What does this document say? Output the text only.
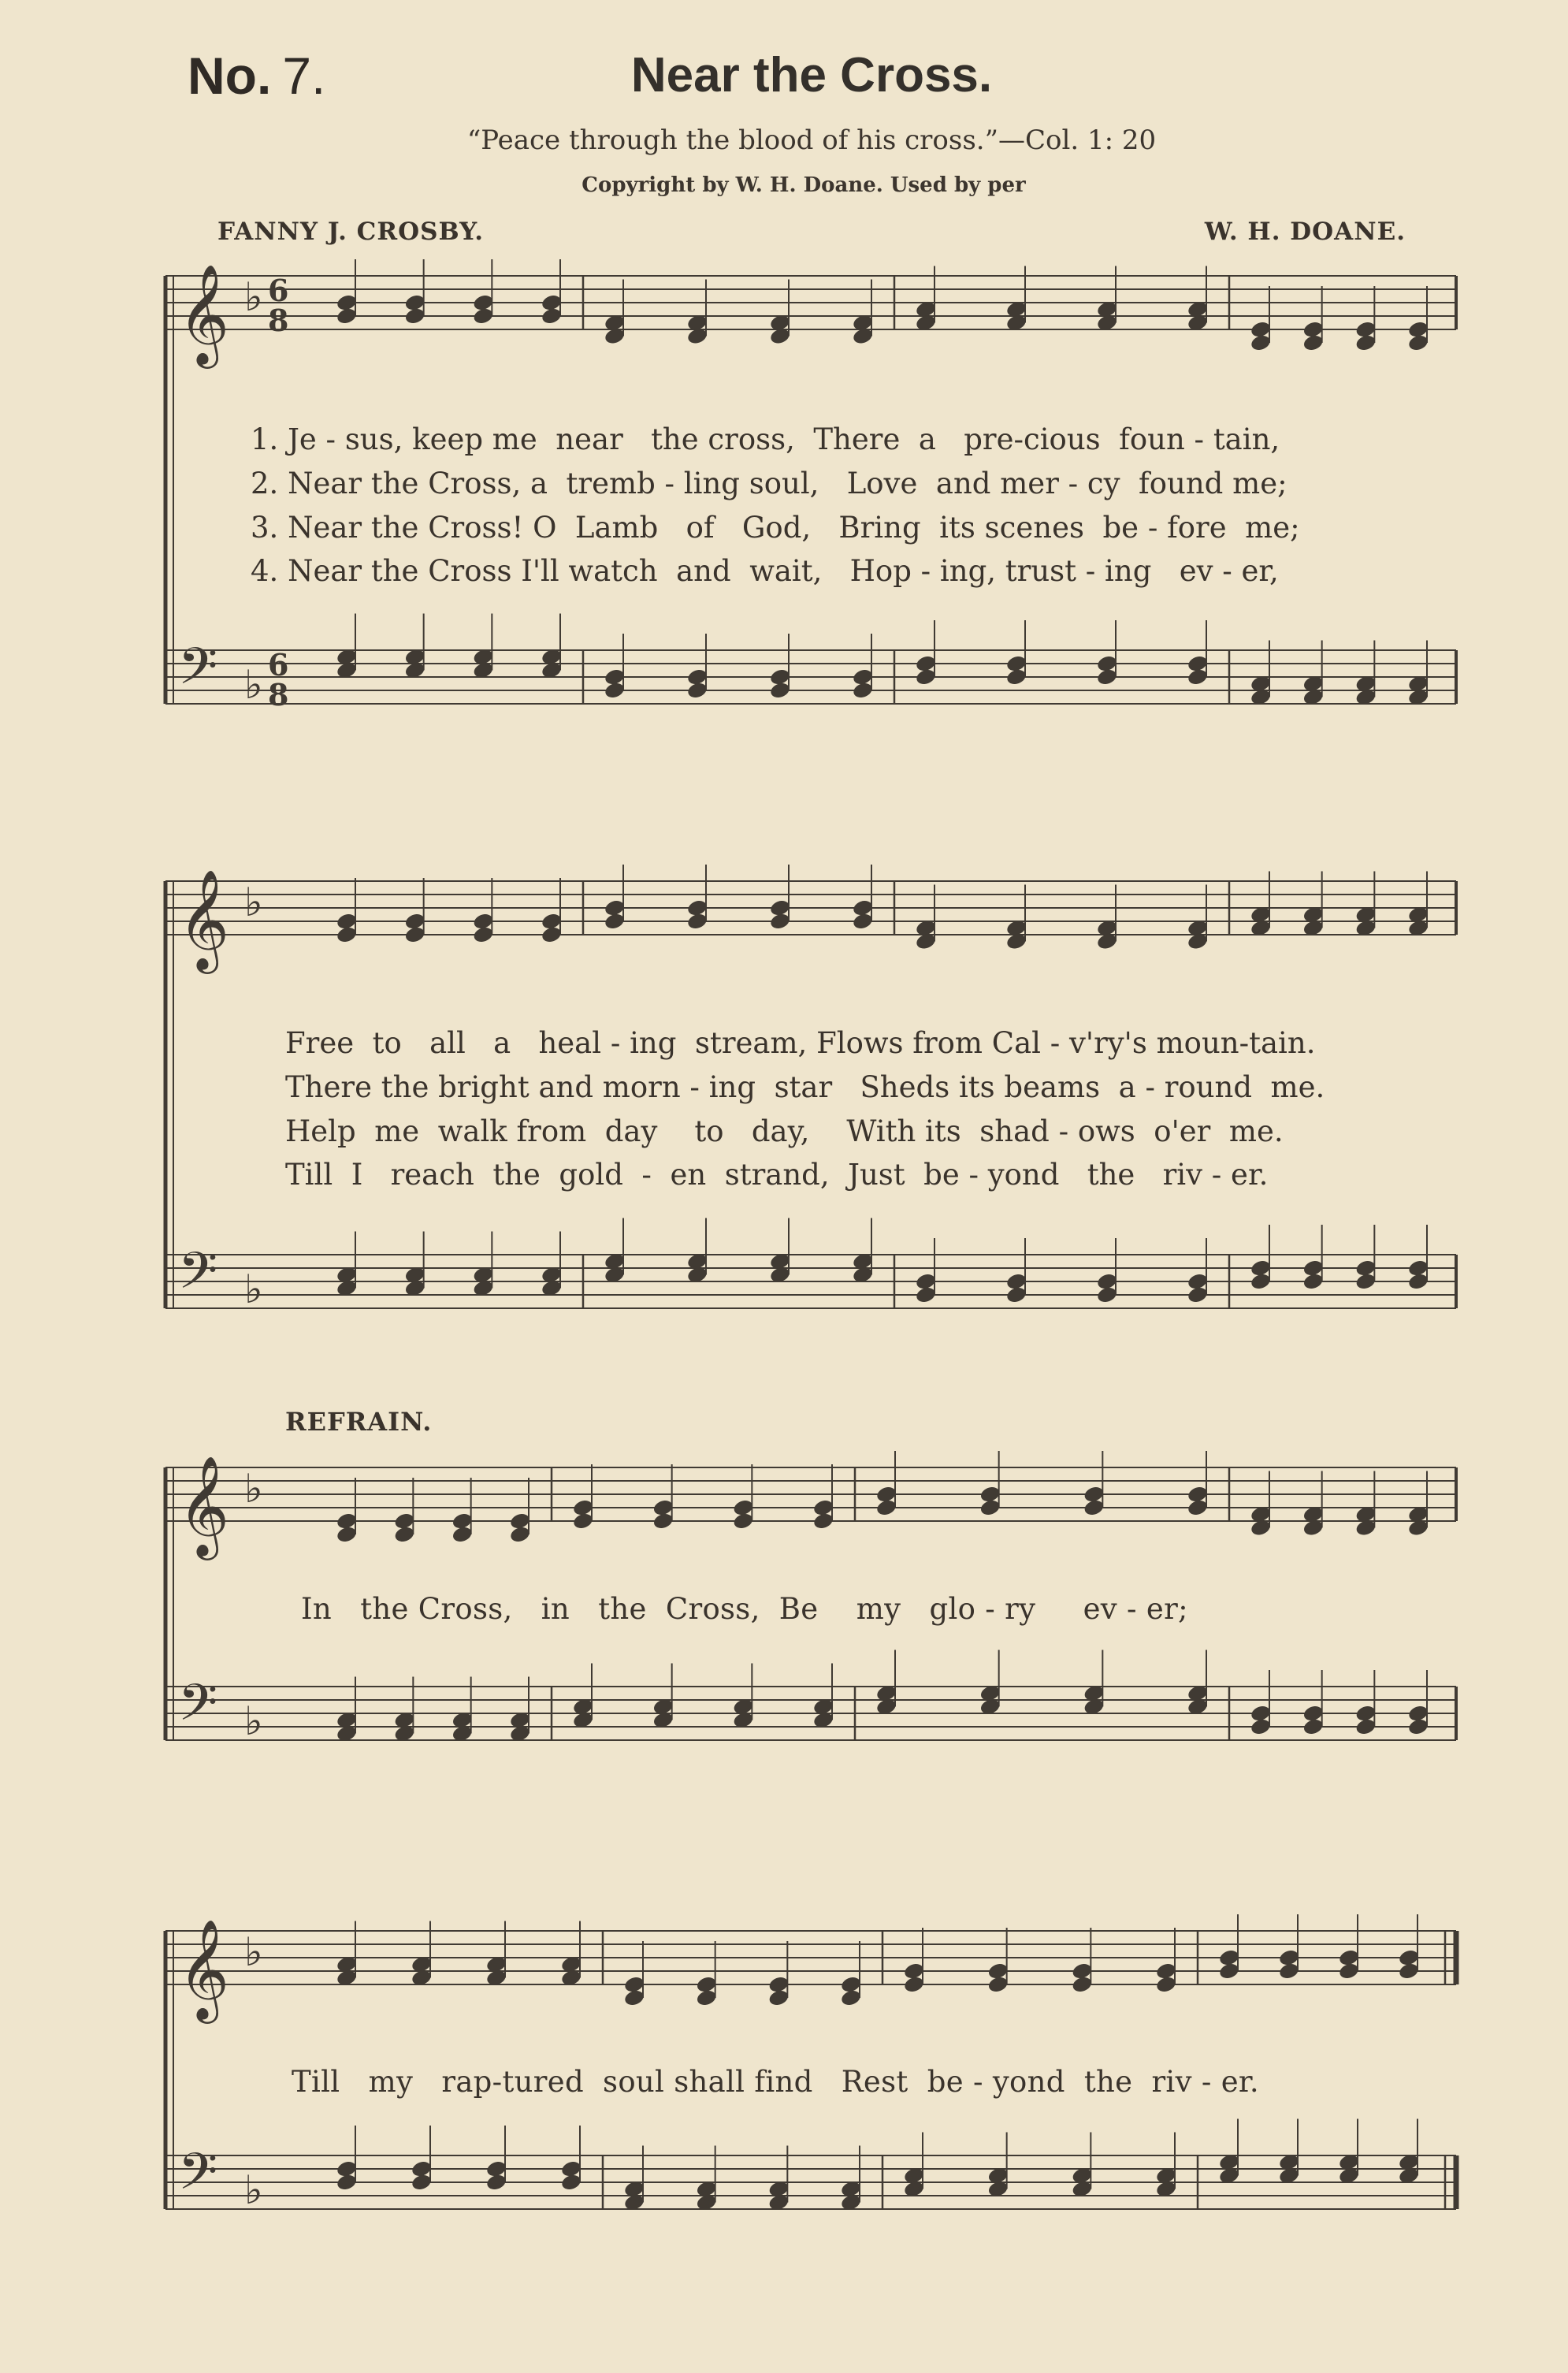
No. 7.	Near the Cross.
“Peace through the blood of his cross.”—Col. 1: 20
Copyright by W. H. Doane. Used by per
FANNY J. CROSBY.	W. H. DOANE.
REFRAIN.
𝄞 ♭ 6
8
𝄢 ♭ 6
8
𝄞 ♭
𝄢 ♭
𝄞 ♭
𝄢 ♭
𝄞 ♭
𝄢 ♭
1. Je - sus, keep me  near   the cross,  There  a   pre-cious  foun - tain,
2. Near the Cross, a  tremb - ling soul,   Love  and mer - cy  found me;
3. Near the Cross! O  Lamb   of   God,   Bring  its scenes  be - fore  me;
4. Near the Cross I'll watch  and  wait,   Hop - ing, trust - ing   ev - er,
Free  to   all   a   heal - ing  stream, Flows from Cal - v'ry's moun-tain.
There the bright and morn - ing  star   Sheds its beams  a - round  me.
Help  me  walk from  day    to   day,    With its  shad - ows  o'er  me.
Till  I   reach  the  gold  -  en  strand,  Just  be - yond   the   riv - er.
In   the Cross,   in   the  Cross,  Be    my   glo - ry     ev - er;
Till   my   rap-tured  soul shall find   Rest  be - yond  the  riv - er.
